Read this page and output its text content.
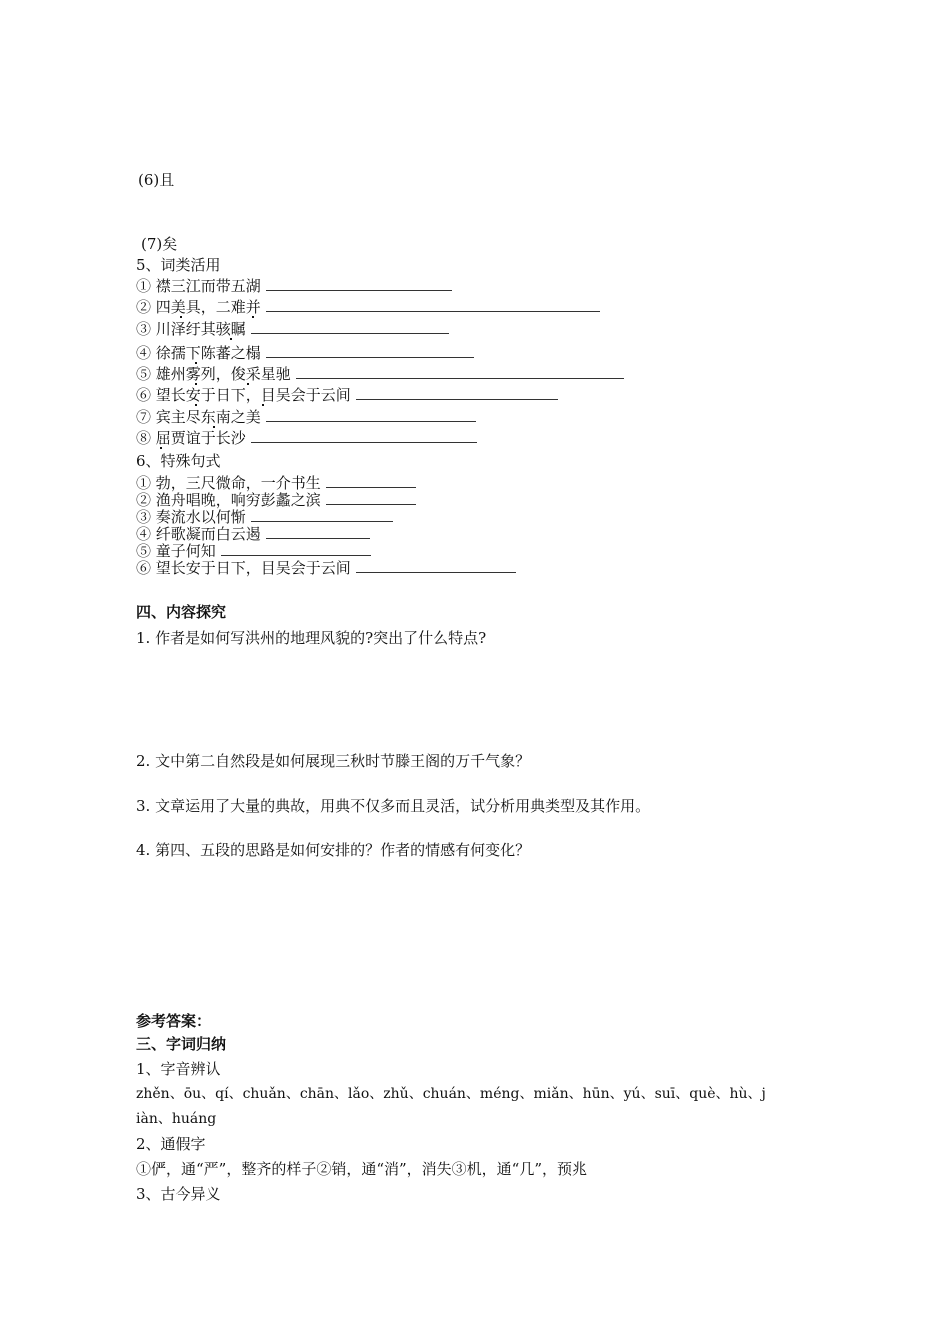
(6)且
(7)矣
5、词类活用
① 襟三江而带五湖
② 四美具，二难并
③ 川泽纡其骇瞩
④ 徐孺下陈蕃之榻
⑤ 雄州雾列，俊采星驰
⑥ 望长安于日下，目吴会于云间
⑦ 宾主尽东南之美
⑧ 屈贾谊于长沙
6、特殊句式
① 勃，三尺微命，一介书生
② 渔舟唱晚，响穷彭蠡之滨
③ 奏流水以何惭
④ 纤歌凝而白云遏
⑤ 童子何知
⑥ 望长安于日下，目吴会于云间
四、内容探究
1. 作者是如何写洪州的地理风貌的?突出了什么特点?
2. 文中第二自然段是如何展现三秋时节滕王阁的万千气象？
3. 文章运用了大量的典故，用典不仅多而且灵活，试分析用典类型及其作用。
4. 第四、五段的思路是如何安排的？作者的情感有何变化？
参考答案：
三、字词归纳
1、字音辨认
zhěn、ōu、qí、chuǎn、chān、lǎo、zhǔ、chuán、méng、miǎn、hūn、yú、suī、què、hù、j
iàn、huáng
2、通假字
①俨，通“严”，整齐的样子②销，通“消”，消失③机，通“几”，预兆
3、古今异义
